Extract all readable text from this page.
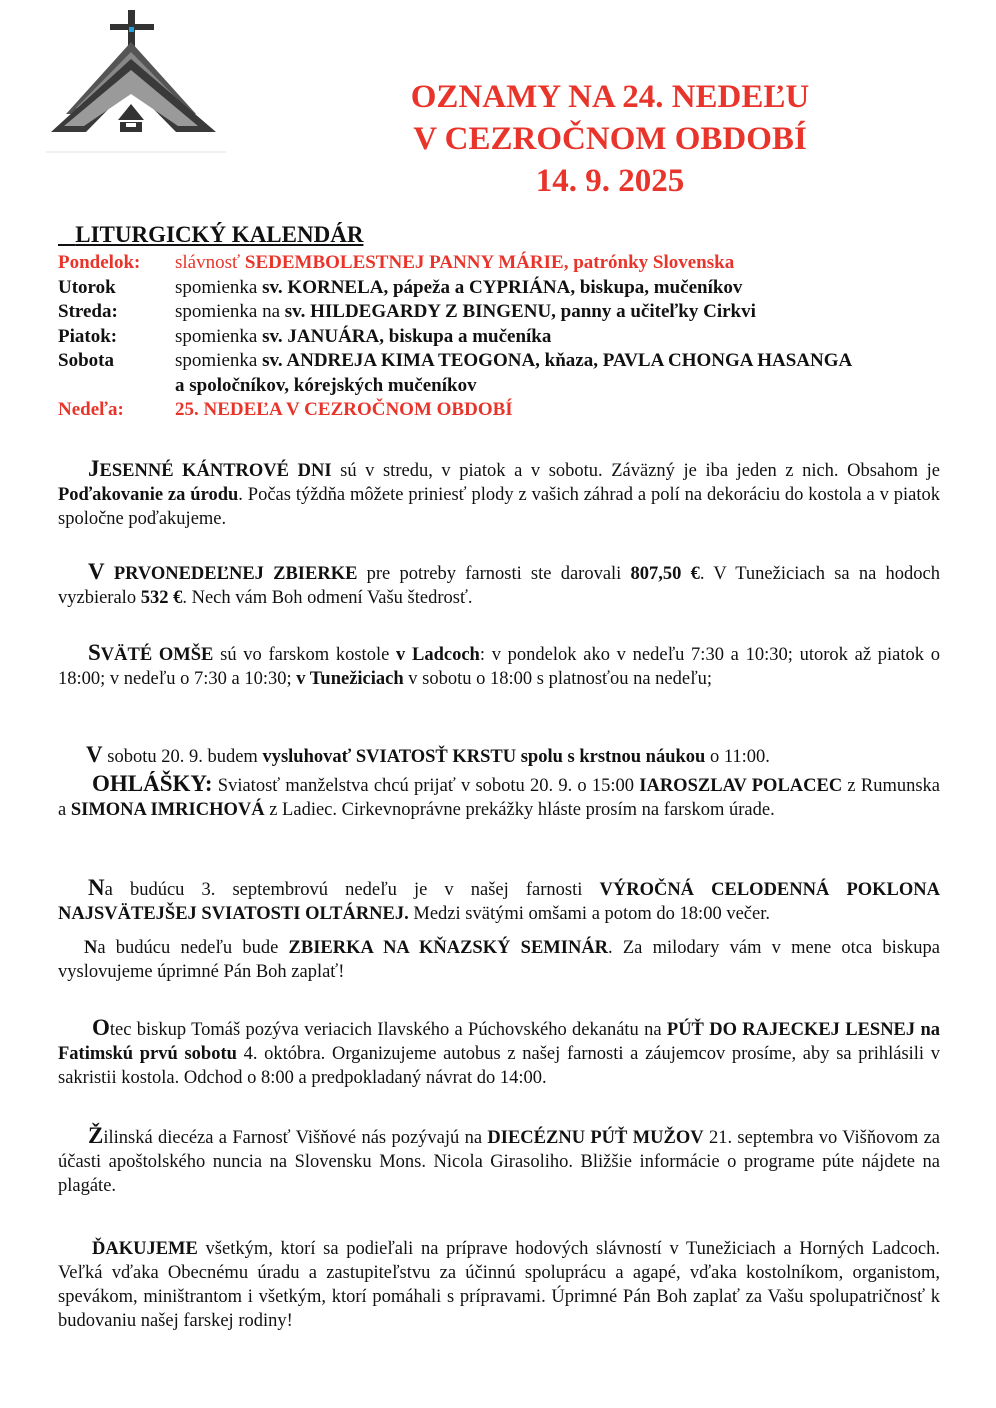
OZNAMY NA 24. NEDEĽU
V CEZROČNOM OBDOBÍ
14. 9. 2025
LITURGICKÝ KALENDÁR
Pondelok:	slávnosť SEDEMBOLESTNEJ PANNY MÁRIE, patrónky Slovenska
Utorok	spomienka sv. KORNELA, pápeža a CYPRIÁNA, biskupa, mučeníkov
Streda:	spomienka na sv. HILDEGARDY Z BINGENU, panny a učiteľky Cirkvi
Piatok:	spomienka sv. JANUÁRA, biskupa a mučeníka
Sobota	spomienka sv. ANDREJA KIMA TEOGONA, kňaza, PAVLA CHONGA HASANGA a spoločníkov, kórejských mučeníkov
Nedeľa:	25. NEDEĽA V CEZROČNOM OBDOBÍ
JESENNÉ KÁNTROVÉ DNI sú v stredu, v piatok a v sobotu. Záväzný je iba jeden z nich. Obsahom je Poďakovanie za úrodu. Počas týždňa môžete priniesť plody z vašich záhrad a polí na dekoráciu do kostola a v piatok spoločne poďakujeme.
V PRVONEDEĽNEJ ZBIERKE pre potreby farnosti ste darovali 807,50 €. V Tunežiciach sa na hodoch vyzbieralo 532 €. Nech vám Boh odmení Vašu štedrosť.
SVÄTÉ OMŠE sú vo farskom kostole v Ladcoch: v pondelok ako v nedeľu 7:30 a 10:30; utorok až piatok o 18:00; v nedeľu o 7:30 a 10:30; v Tunežiciach v sobotu o 18:00 s platnosťou na nedeľu;
V sobotu 20. 9. budem vysluhovať SVIATOSŤ KRSTU spolu s krstnou náukou o 11:00.
OHLÁŠKY: Sviatosť manželstva chcú prijať v sobotu 20. 9. o 15:00 IAROSZLAV POLACEC z Rumunska a SIMONA IMRICHOVÁ z Ladiec. Cirkevnoprávne prekážky hláste prosím na farskom úrade.
Na budúcu 3. septembrovú nedeľu je v našej farnosti VÝROČNÁ CELODENNÁ POKLONA NAJSVÄTEJŠEJ SVIATOSTI OLTÁRNEJ. Medzi svätými omšami a potom do 18:00 večer.
Na budúcu nedeľu bude ZBIERKA NA KŇAZSKÝ SEMINÁR. Za milodary vám v mene otca biskupa vyslovujeme úprimné Pán Boh zaplať!
Otec biskup Tomáš pozýva veriacich Ilavského a Púchovského dekanátu na PÚŤ DO RAJECKEJ LESNEJ na Fatimskú prvú sobotu 4. októbra. Organizujeme autobus z našej farnosti a záujemcov prosíme, aby sa prihlásili v sakristii kostola. Odchod o 8:00 a predpokladaný návrat do 14:00.
Žilinská diecéza a Farnosť Višňové nás pozývajú na DIECÉZNU PÚŤ MUŽOV 21. septembra vo Višňovom za účasti apoštolského nuncia na Slovensku Mons. Nicola Girasoliho. Bližšie informácie o programe púte nájdete na plagáte.
ĎAKUJEME všetkým, ktorí sa podieľali na príprave hodových slávností v Tunežiciach a Horných Ladcoch. Veľká vďaka Obecnému úradu a zastupiteľstvu za účinnú spoluprácu a agapé, vďaka kostolníkom, organistom, spevákom, miništrantom i všetkým, ktorí pomáhali s prípravami. Úprimné Pán Boh zaplať za Vašu spolupatričnosť k budovaniu našej farskej rodiny!
